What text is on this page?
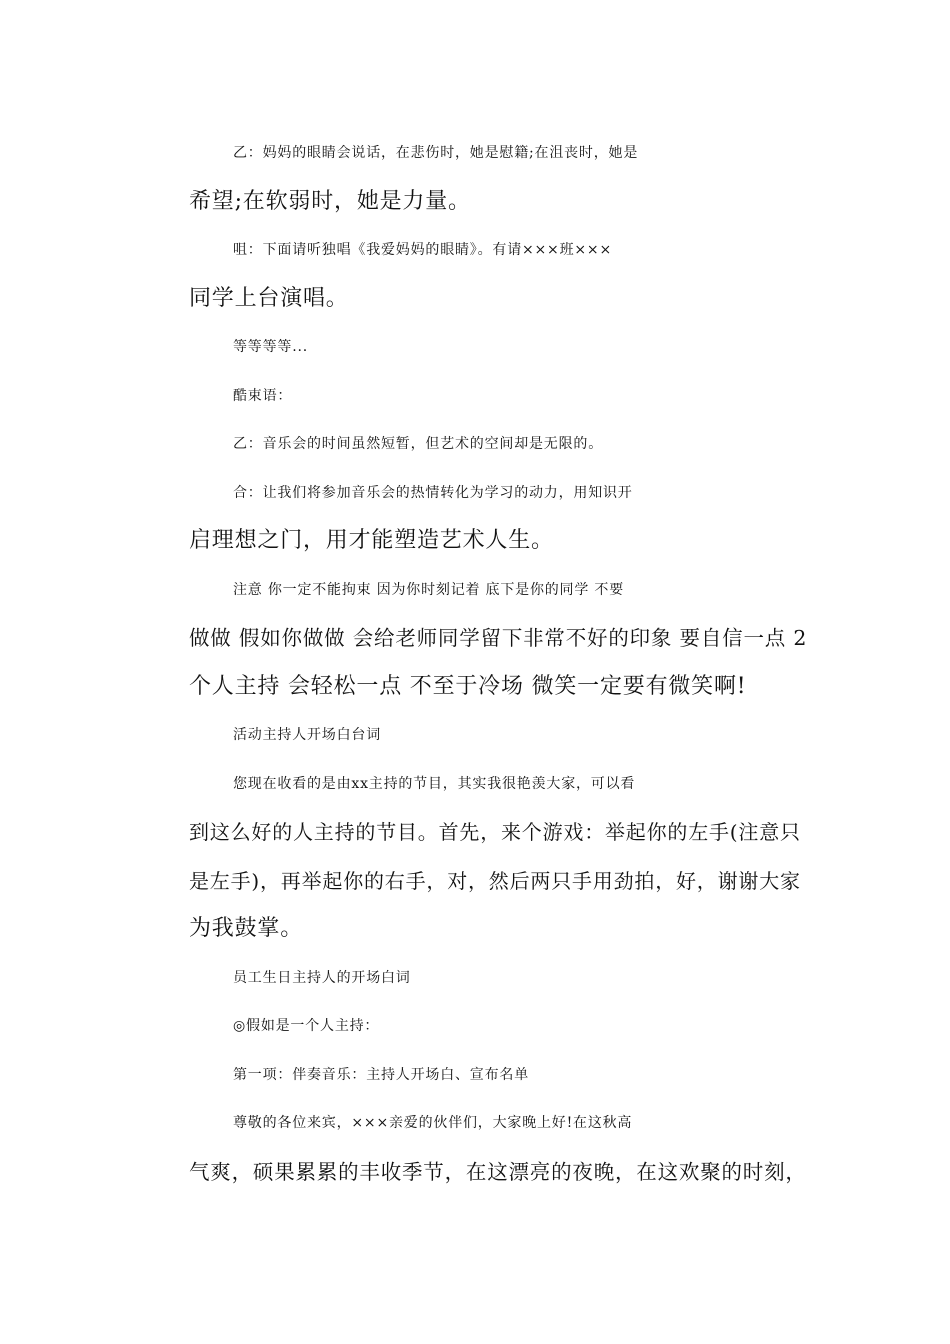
乙：妈妈的眼睛会说话，在悲伤时，她是慰籍;在沮丧时，她是
希望;在软弱时，她是力量。

咀：下面请听独唱《我爱妈妈的眼睛》。有请×××班×××
同学上台演唱。

等等等等...

酷束语：

乙：音乐会的时间虽然短暂，但艺术的空间却是无限的。

合：让我们将参加音乐会的热情转化为学习的动力，用知识开
启理想之门，用才能塑造艺术人生。

注意 你一定不能拘束 因为你时刻记着 底下是你的同学 不要
做做 假如你做做 会给老师同学留下非常不好的印象 要自信一点 2
个人主持 会轻松一点 不至于冷场 微笑一定要有微笑啊!

活动主持人开场白台词

您现在收看的是由xx主持的节目，其实我很艳羡大家，可以看
到这么好的人主持的节目。首先，来个游戏：举起你的左手(注意只
是左手)，再举起你的右手，对，然后两只手用劲拍，好，谢谢大家
为我鼓掌。

员工生日主持人的开场白词

◎假如是一个人主持：

第一项：伴奏音乐：主持人开场白、宣布名单

尊敬的各位来宾，×××亲爱的伙伴们，大家晚上好!在这秋高
气爽，硕果累累的丰收季节，在这漂亮的夜晚，在这欢聚的时刻，
